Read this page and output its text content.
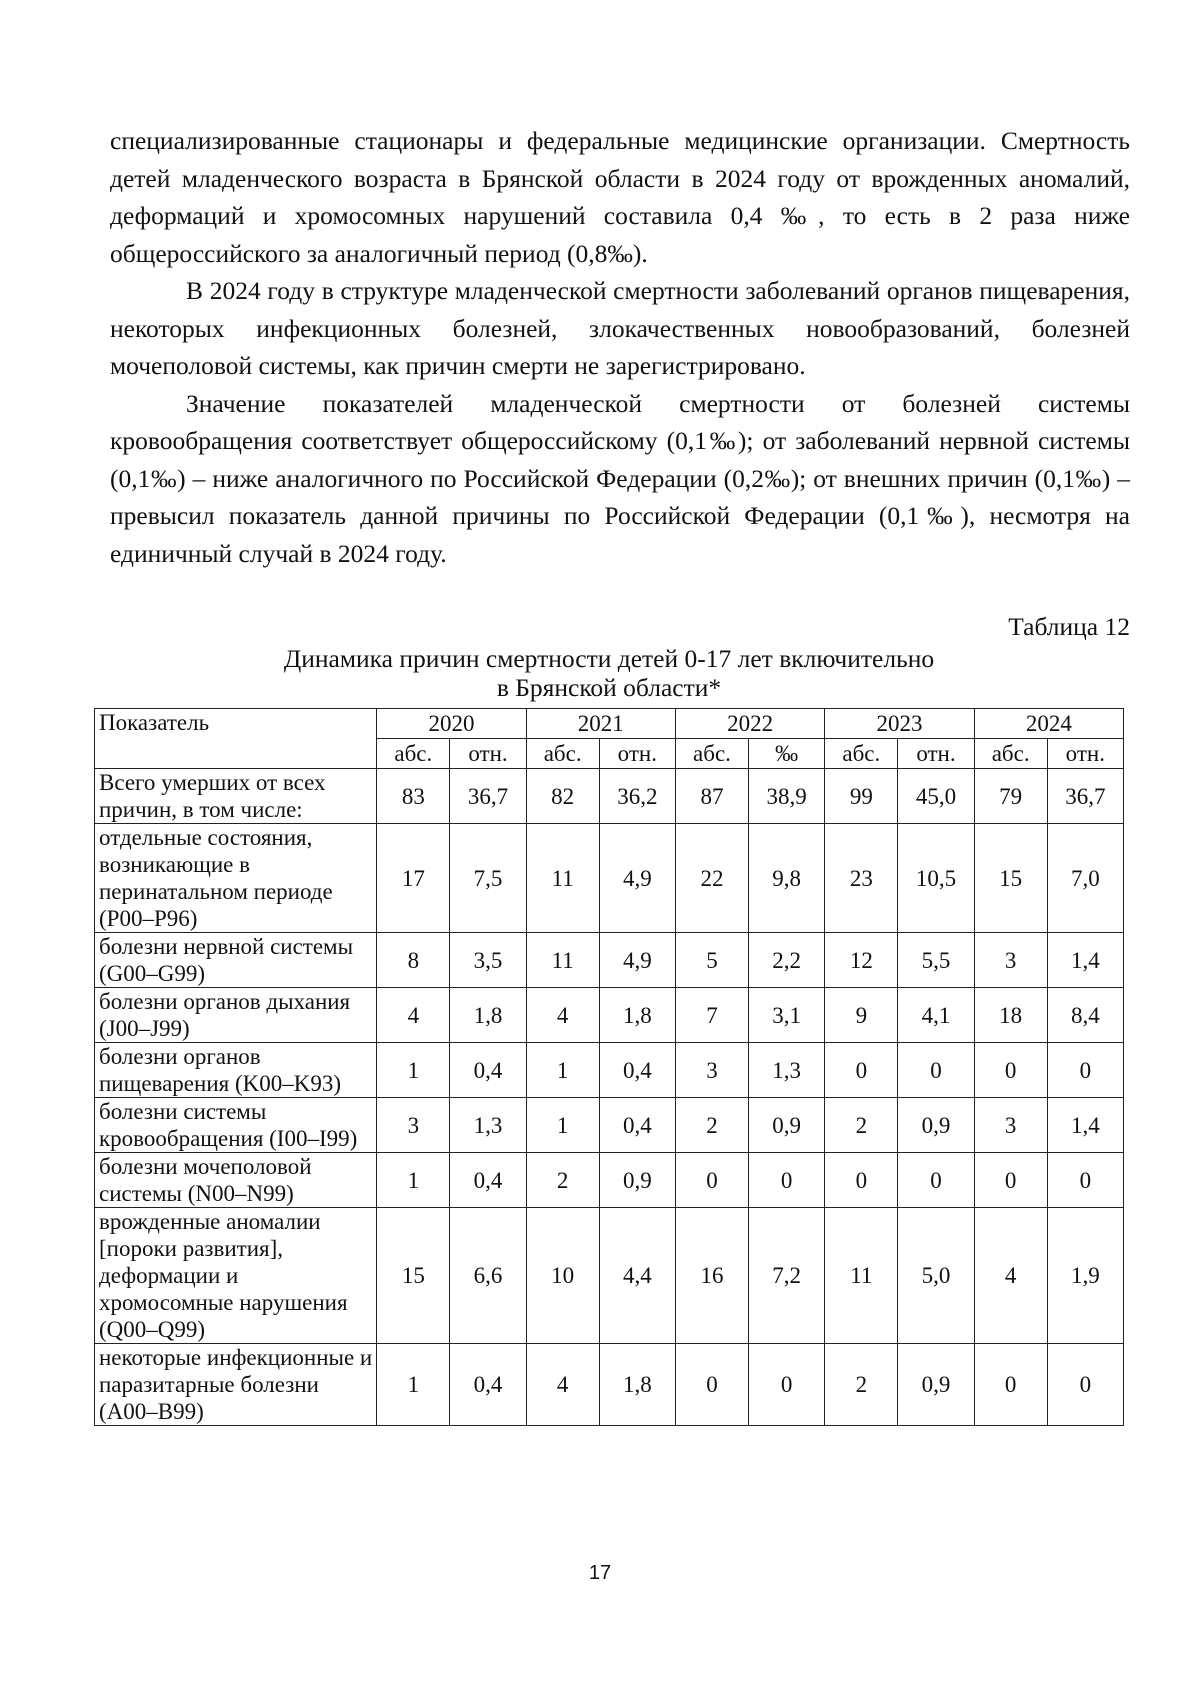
специализированные стационары и федеральные медицинские организации. Смертность детей младенческого возраста в Брянской области в 2024 году от врожденных аномалий, деформаций и хромосомных нарушений составила 0,4 ‰, то есть в 2 раза ниже общероссийского за аналогичный период (0,8‰).

В 2024 году в структуре младенческой смертности заболеваний органов пищеварения, некоторых инфекционных болезней, злокачественных новообразований, болезней мочеполовой системы, как причин смерти не зарегистрировано.

Значение показателей младенческой смертности от болезней системы кровообращения соответствует общероссийскому (0,1‰); от заболеваний нервной системы (0,1‰) – ниже аналогичного по Российской Федерации (0,2‰); от внешних причин (0,1‰) – превысил показатель данной причины по Российской Федерации (0,1‰), несмотря на единичный случай в 2024 году.

Таблица 12
Динамика причин смертности детей 0-17 лет включительно
в Брянской области*
Показатель	2020		2021		2022		2023		2024	
	абс.	отн.	абс.	отн.	абс.	‰	абс.	отн.	абс.	отн.
Всего умерших от всех причин, в том числе:	83	36,7	82	36,2	87	38,9	99	45,0	79	36,7
отдельные состояния, возникающие в перинатальном периоде (P00–P96)	17	7,5	11	4,9	22	9,8	23	10,5	15	7,0
болезни нервной системы (G00–G99)	8	3,5	11	4,9	5	2,2	12	5,5	3	1,4
болезни органов дыхания (J00–J99)	4	1,8	4	1,8	7	3,1	9	4,1	18	8,4
болезни органов пищеварения (K00–K93)	1	0,4	1	0,4	3	1,3	0	0	0	0
болезни системы кровообращения (I00–I99)	3	1,3	1	0,4	2	0,9	2	0,9	3	1,4
болезни мочеполовой системы (N00–N99)	1	0,4	2	0,9	0	0	0	0	0	0
врожденные аномалии [пороки развития], деформации и хромосомные нарушения (Q00–Q99)	15	6,6	10	4,4	16	7,2	11	5,0	4	1,9
некоторые инфекционные и паразитарные болезни (A00–B99)	1	0,4	4	1,8	0	0	2	0,9	0	0
17
